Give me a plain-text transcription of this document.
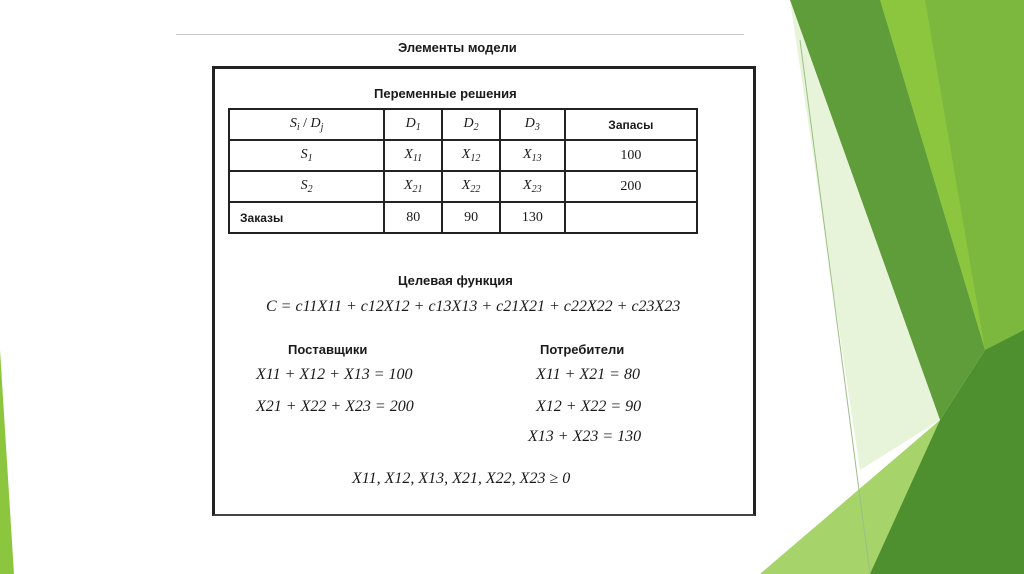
Элементы модели
Переменные решения
$S_i / D_j$	$D_1$	$D_2$	$D_3$	Запасы
$S_1$	$X_{11}$	$X_{12}$	$X_{13}$	100
$S_2$	$X_{21}$	$X_{22}$	$X_{23}$	200
Заказы	80	90	130	
Целевая функция
C = c11X11 + c12X12 + c13X13 + c21X21 + c22X22 + c23X23
Поставщики
X11 + X12 + X13 = 100
X21 + X22 + X23 = 200
Потребители
X11 + X21 = 80
X12 + X22 = 90
X13 + X23 = 130
X11, X12, X13, X21, X22, X23 ≥ 0
